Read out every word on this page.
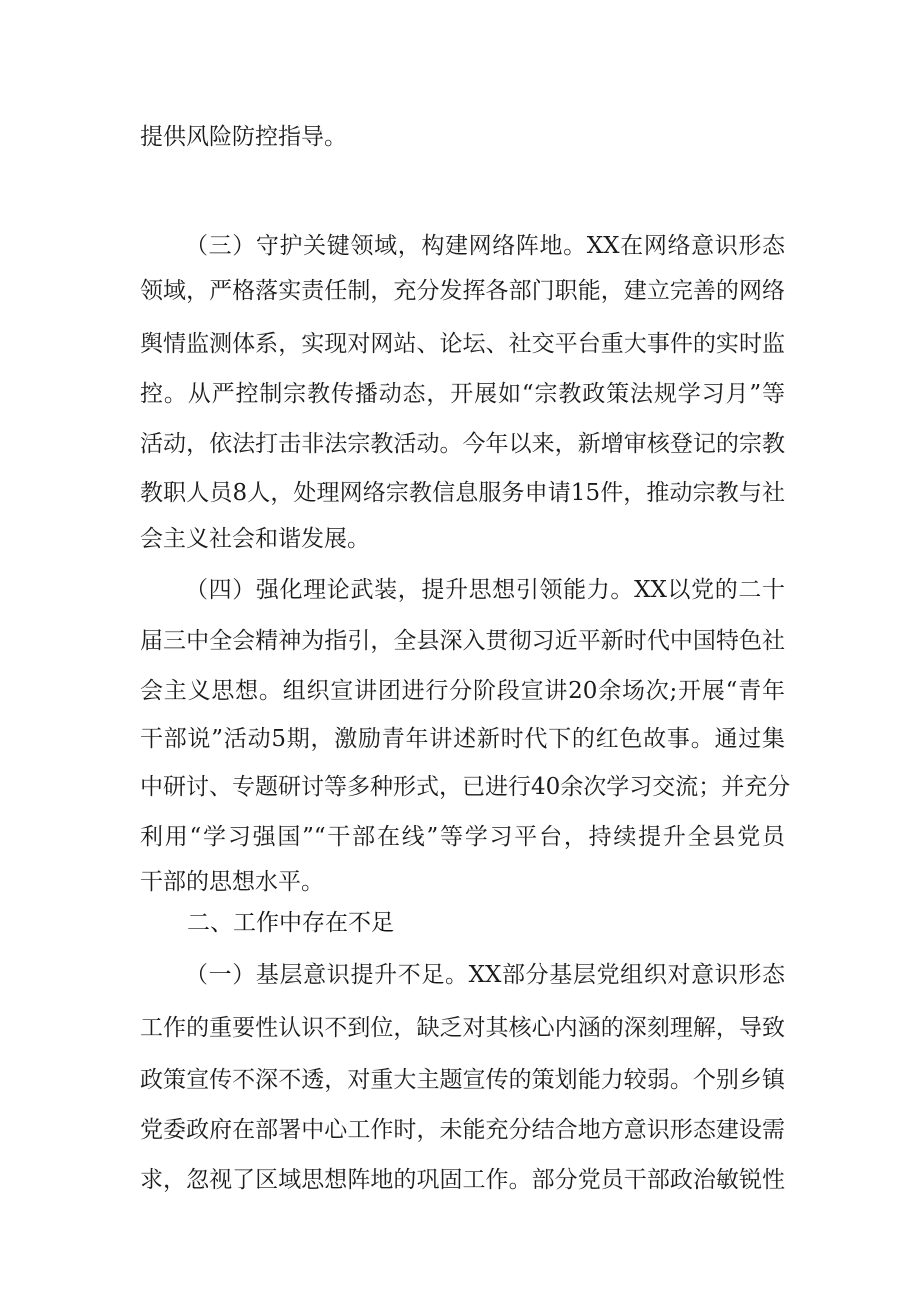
提供风险防控指导。
（三）守护关键领域，构建网络阵地。XX在网络意识形态
领域，严格落实责任制，充分发挥各部门职能，建立完善的网络
舆情监测体系，实现对网站、论坛、社交平台重大事件的实时监
控。从严控制宗教传播动态，开展如“宗教政策法规学习月”等
活动，依法打击非法宗教活动。今年以来，新增审核登记的宗教
教职人员8人，处理网络宗教信息服务申请15件，推动宗教与社
会主义社会和谐发展。
（四）强化理论武装，提升思想引领能力。XX以党的二十
届三中全会精神为指引，全县深入贯彻习近平新时代中国特色社
会主义思想。组织宣讲团进行分阶段宣讲20余场次;开展“青年
干部说”活动5期，激励青年讲述新时代下的红色故事。通过集
中研讨、专题研讨等多种形式，已进行40余次学习交流；并充分
利用“学习强国”“干部在线”等学习平台，持续提升全县党员
干部的思想水平。
二、工作中存在不足
（一）基层意识提升不足。XX部分基层党组织对意识形态
工作的重要性认识不到位，缺乏对其核心内涵的深刻理解，导致
政策宣传不深不透，对重大主题宣传的策划能力较弱。个别乡镇
党委政府在部署中心工作时，未能充分结合地方意识形态建设需
求，忽视了区域思想阵地的巩固工作。部分党员干部政治敏锐性
